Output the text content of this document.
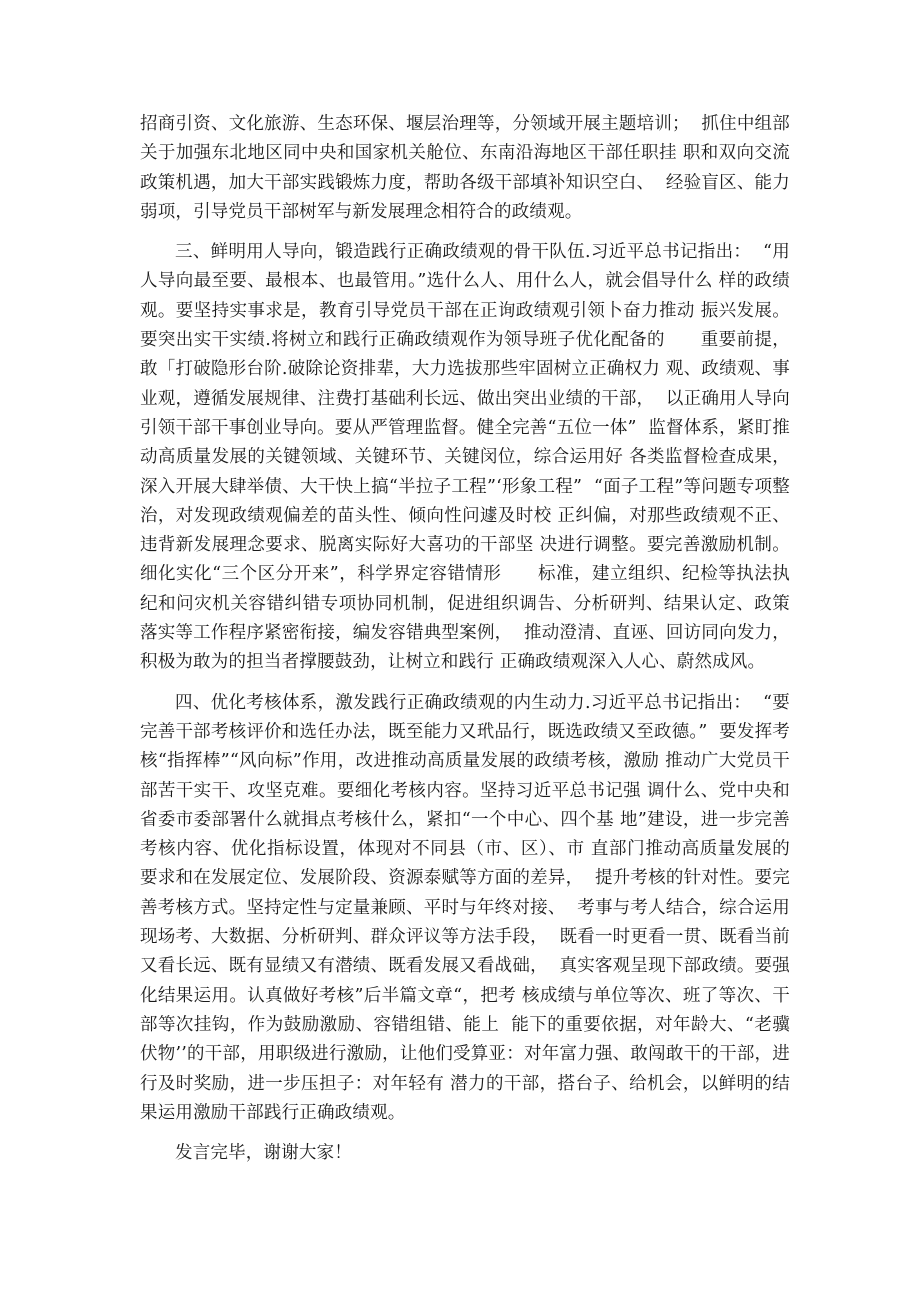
招商引资、文化旅游、生态环保、堰层治理等，分领域开展主题培训；  抓住中组部关于加强东北地区同中央和国家机关舱位、东南沿海地区干部任职挂 职和双向交流政策机遇，加大干部实践锻炼力度，帮助各级干部填补知识空白、  经验盲区、能力弱项，引导党员干部树军与新发展理念相符合的政绩观。

三、鲜明用人导向，锻造践行正确政绩观的骨干队伍.习近平总书记指出：  “用人导向最至要、最根本、也最管用。”选什么人、用什么人，就会倡导什么 样的政绩观。要坚持实事求是，教育引导党员干部在正询政绩观引领卜奋力推动 振兴发展。要突出实干实绩.将树立和践行正确政绩观作为领导班子优化配备的      重要前提，敢「打破隐形台阶.破除论资排辈，大力选拔那些牢固树立正确权力 观、政绩观、事业观，遵循发展规律、注费打基础利长远、做出突出业绩的干部，  以正确用人导向引领干部干事创业导向。要从严管理监督。健全完善“五位一体”  监督体系，紧盯推动高质量发展的关键领域、关键环节、关键闵位，综合运用好 各类监督检查成果，深入开展大肆举债、大干快上搞“半拉子工程”‘形象工程”  “面子工程”等问题专项整治，对发现政绩观偏差的苗头性、倾向性问遽及时校 正纠偏，对那些政绩观不正、违背新发展理念要求、脱离实际好大喜功的干部坚 决进行调整。要完善激励机制。细化实化“三个区分开来”，科学界定容错情形      标准，建立组织、纪检等执法执纪和问灾机关容错纠错专项协同机制，促进组织调告、分析研判、结果认定、政策落实等工作程序紧密衔接，编发容错典型案例，  推动澄清、直诬、回访同向发力，积极为敢为的担当者撑腰鼓劲，让树立和践行 正确政绩观深入人心、蔚然成风。

四、优化考核体系，激发践行正确政绩观的内生动力.习近平总书记指出：  “要完善干部考核评价和选任办法，既至能力又玳品行，既选政绩又至政德。”  要发挥考核“指挥棒”“风向标”作用，改进推动高质量发展的政绩考核，激励 推动广大党员干部苦干实干、攻坚克难。要细化考核内容。坚持习近平总书记强 调什么、党中央和省委市委部署什么就揖点考核什么，紧扣“一个中心、四个基 地”建设，进一步完善考核内容、优化指标设置，体现对不同县（市、区）、市 直部门推动高质量发展的要求和在发展定位、发展阶段、资源泰赋等方面的差异，  提升考核的针对性。要完善考核方式。坚持定性与定量兼顾、平时与年终对接、  考事与考人结合，综合运用现场考、大数据、分析研判、群众评议等方法手段，  既看一时更看一贯、既看当前又看长远、既有显绩又有潜绩、既看发展又看战础，  真实客观呈现下部政绩。要强化结果运用。认真做好考核”后半篇文章“，把考 核成绩与单位等次、班了等次、干部等次挂钩，作为鼓励激励、容错组错、能上  能下的重要依据，对年龄大、“老骥伏物’’的干部，用职级进行激励，让他们受算亚：对年富力强、敢闯敢干的干部，进行及时奖励，进一步压担子：对年轻有 潜力的干部，搭台子、给机会，以鲜明的结果运用激励干部践行正确政绩观。

发言完毕，谢谢大家！
